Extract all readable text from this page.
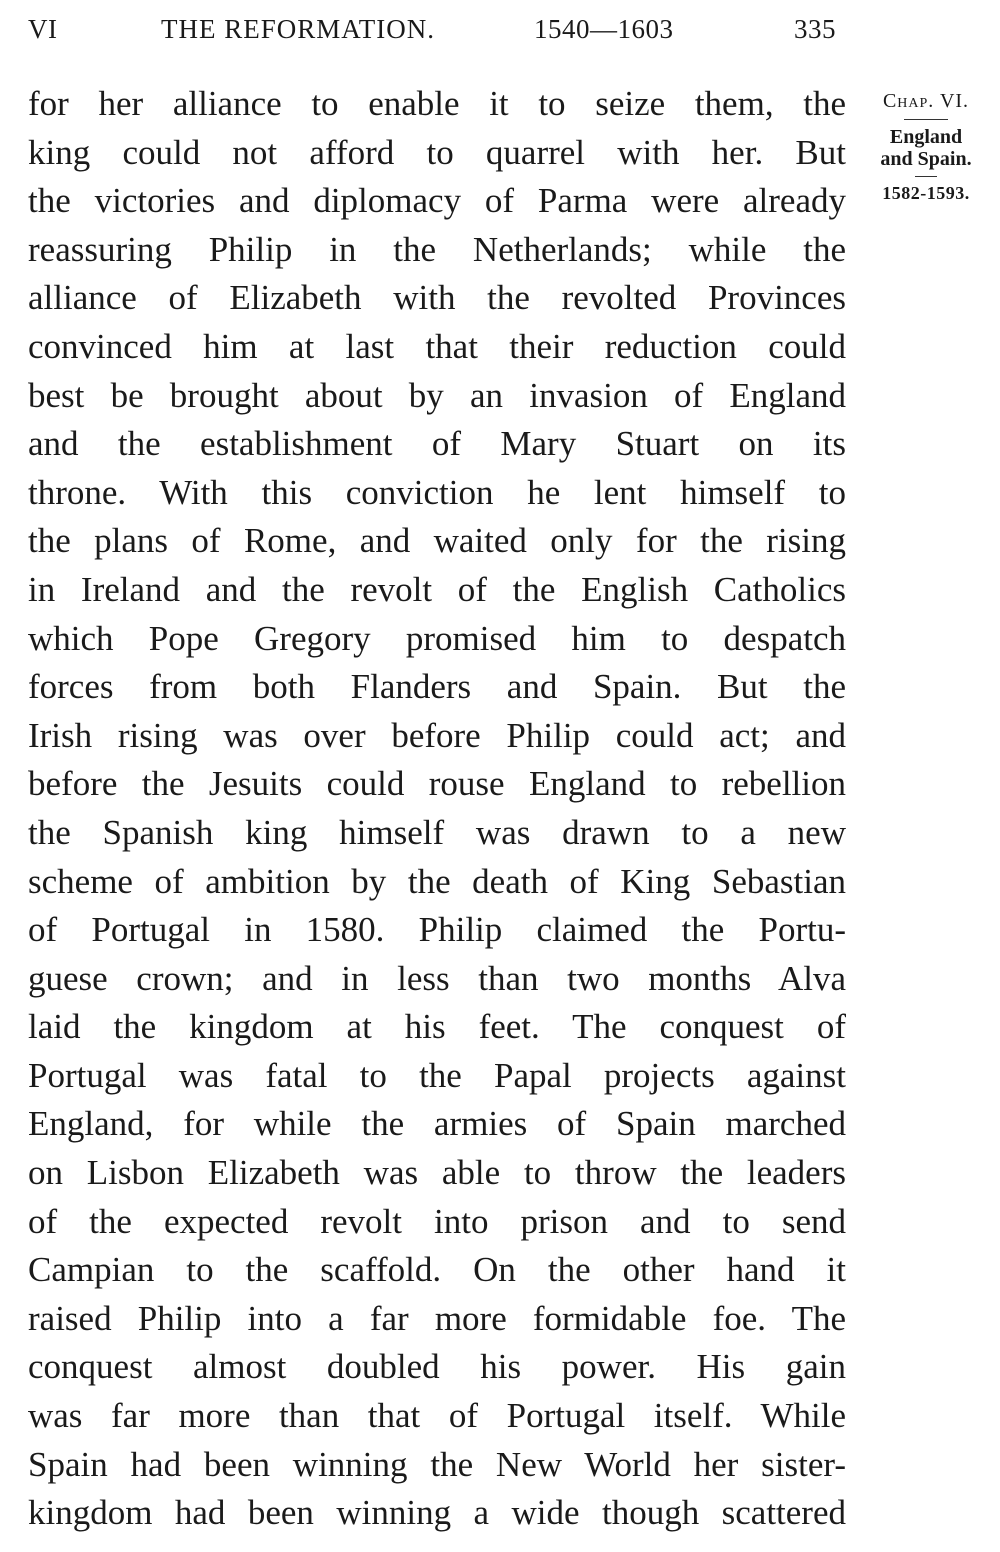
VI	THE REFORMATION.	1540—1603	335
for her alliance to enable it to seize them, the
king could not afford to quarrel with her. But
the victories and diplomacy of Parma were already
reassuring Philip in the Netherlands; while the
alliance of Elizabeth with the revolted Provinces
convinced him at last that their reduction could
best be brought about by an invasion of England
and the establishment of Mary Stuart on its
throne. With this conviction he lent himself to
the plans of Rome, and waited only for the rising
in Ireland and the revolt of the English Catholics
which Pope Gregory promised him to despatch
forces from both Flanders and Spain. But the
Irish rising was over before Philip could act; and
before the Jesuits could rouse England to rebellion
the Spanish king himself was drawn to a new
scheme of ambition by the death of King Sebastian
of Portugal in 1580. Philip claimed the Portu-
guese crown; and in less than two months Alva
laid the kingdom at his feet. The conquest of
Portugal was fatal to the Papal projects against
England, for while the armies of Spain marched
on Lisbon Elizabeth was able to throw the leaders
of the expected revolt into prison and to send
Campian to the scaffold. On the other hand it
raised Philip into a far more formidable foe. The
conquest almost doubled his power. His gain
was far more than that of Portugal itself. While
Spain had been winning the New World her sister-
kingdom had been winning a wide though scattered
Chap. VI.
England
and Spain.
1582-1593.
